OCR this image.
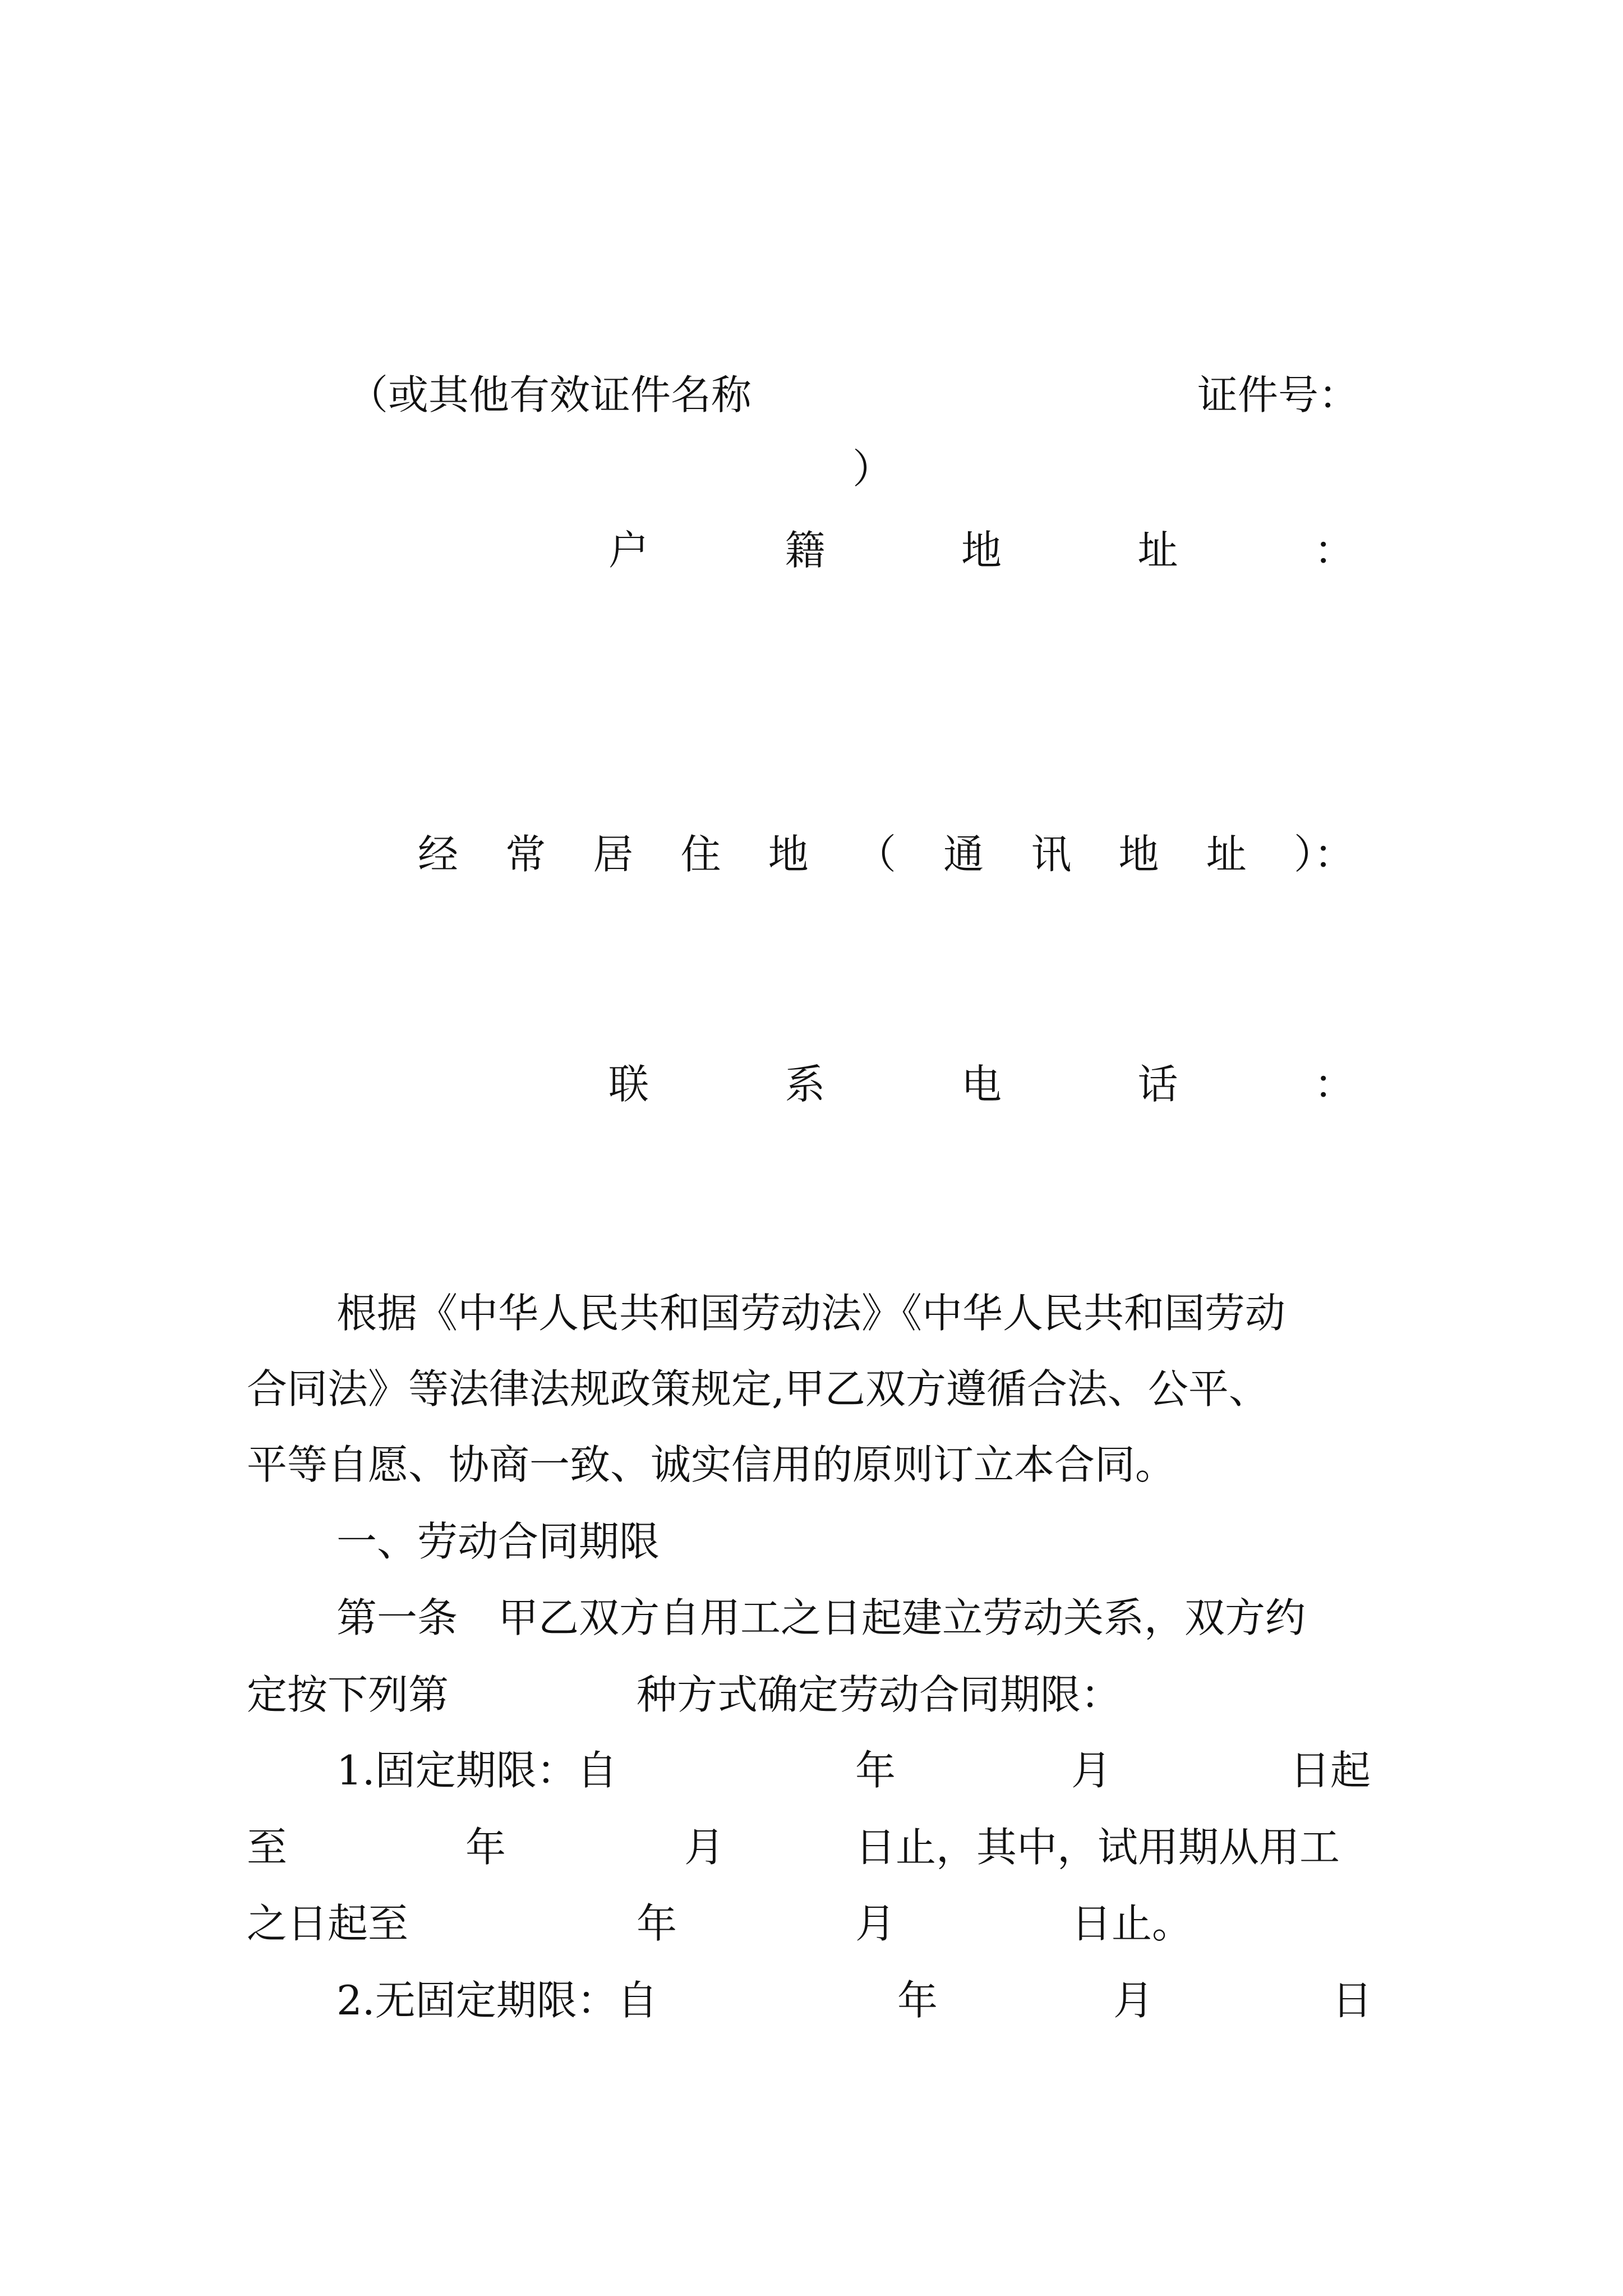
（或其他有效证件名称	证件号：
）
户	籍	地	址	：
经 常 居 住 地 （ 通 讯 地 址 ）：
联	系	电	话	：
根据《中华人民共和国劳动法》《中华人民共和国劳动
合同法》等法律法规政策规定,甲乙双方遵循合法、公平、
平等自愿、协商一致、诚实信用的原则订立本合同。
一、劳动合同期限
第一条　甲乙双方自用工之日起建立劳动关系，双方约
定按下列第	种方式确定劳动合同期限：
1.固定期限：自	年	月	日起
至	年	月	日止，其中，试用期从用工
之日起至	年	月	日止。
2.无固定期限：自	年	月	日
